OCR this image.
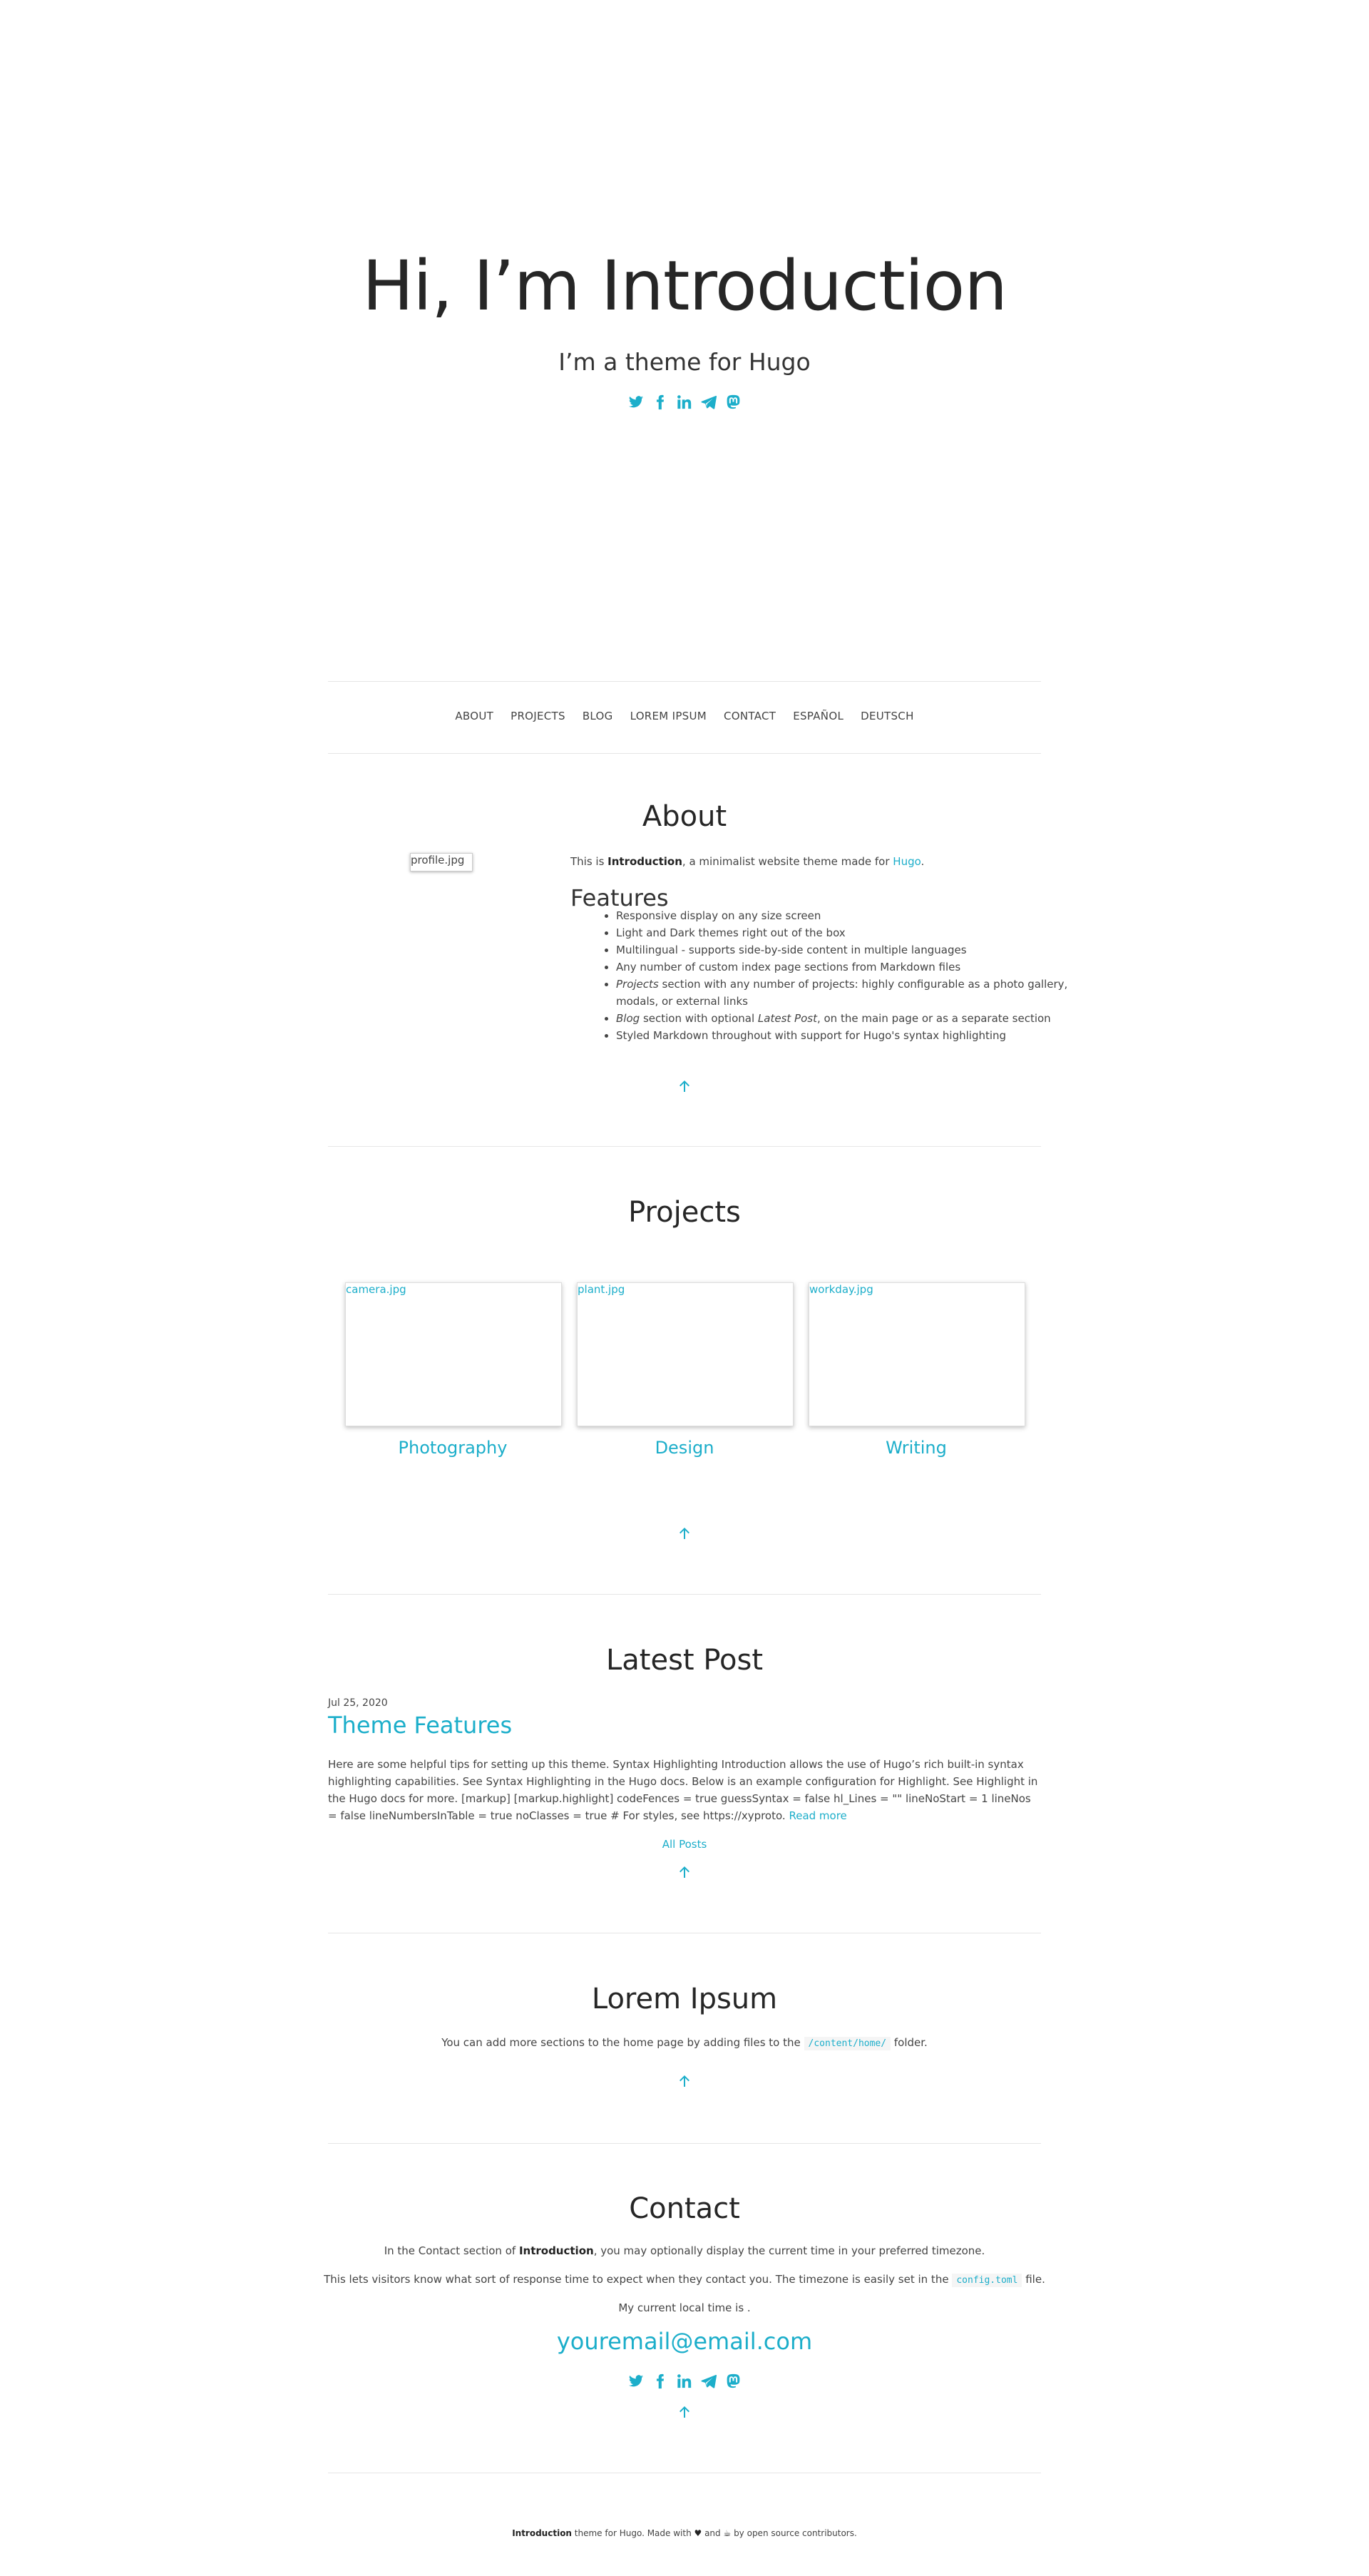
Hi, I’m Introduction
I’m a theme for Hugo
ABOUT PROJECTS BLOG LOREM IPSUM CONTACT ESPAÑOL DEUTSCH
About
profile.jpg	This is Introduction, a minimalist website theme made for Hugo.
Features
• Responsive display on any size screen
• Light and Dark themes right out of the box
• Multilingual - supports side-by-side content in multiple languages
• Any number of custom index page sections from Markdown files
• Projects section with any number of projects: highly configurable as a photo gallery, modals, or external links
• Blog section with optional Latest Post, on the main page or as a separate section
• Styled Markdown throughout with support for Hugo's syntax highlighting
Projects
camera.jpg
Photography
plant.jpg
Design
workday.jpg
Writing
Latest Post
Jul 25, 2020
Theme Features
Here are some helpful tips for setting up this theme. Syntax Highlighting Introduction allows the use of Hugo’s rich built-in syntax highlighting capabilities. See Syntax Highlighting in the Hugo docs. Below is an example configuration for Highlight. See Highlight in the Hugo docs for more. [markup] [markup.highlight] codeFences = true guessSyntax = false hl_Lines = "" lineNoStart = 1 lineNos = false lineNumbersInTable = true noClasses = true # For styles, see https://xyproto. Read more
All Posts
Lorem Ipsum
You can add more sections to the home page by adding files to the /content/home/ folder.
Contact
In the Contact section of Introduction, you may optionally display the current time in your preferred timezone.
This lets visitors know what sort of response time to expect when they contact you. The timezone is easily set in the config.toml file.
My current local time is .
youremail@email.com
Introduction theme for Hugo. Made with ♥ and ☕ by open source contributors.
